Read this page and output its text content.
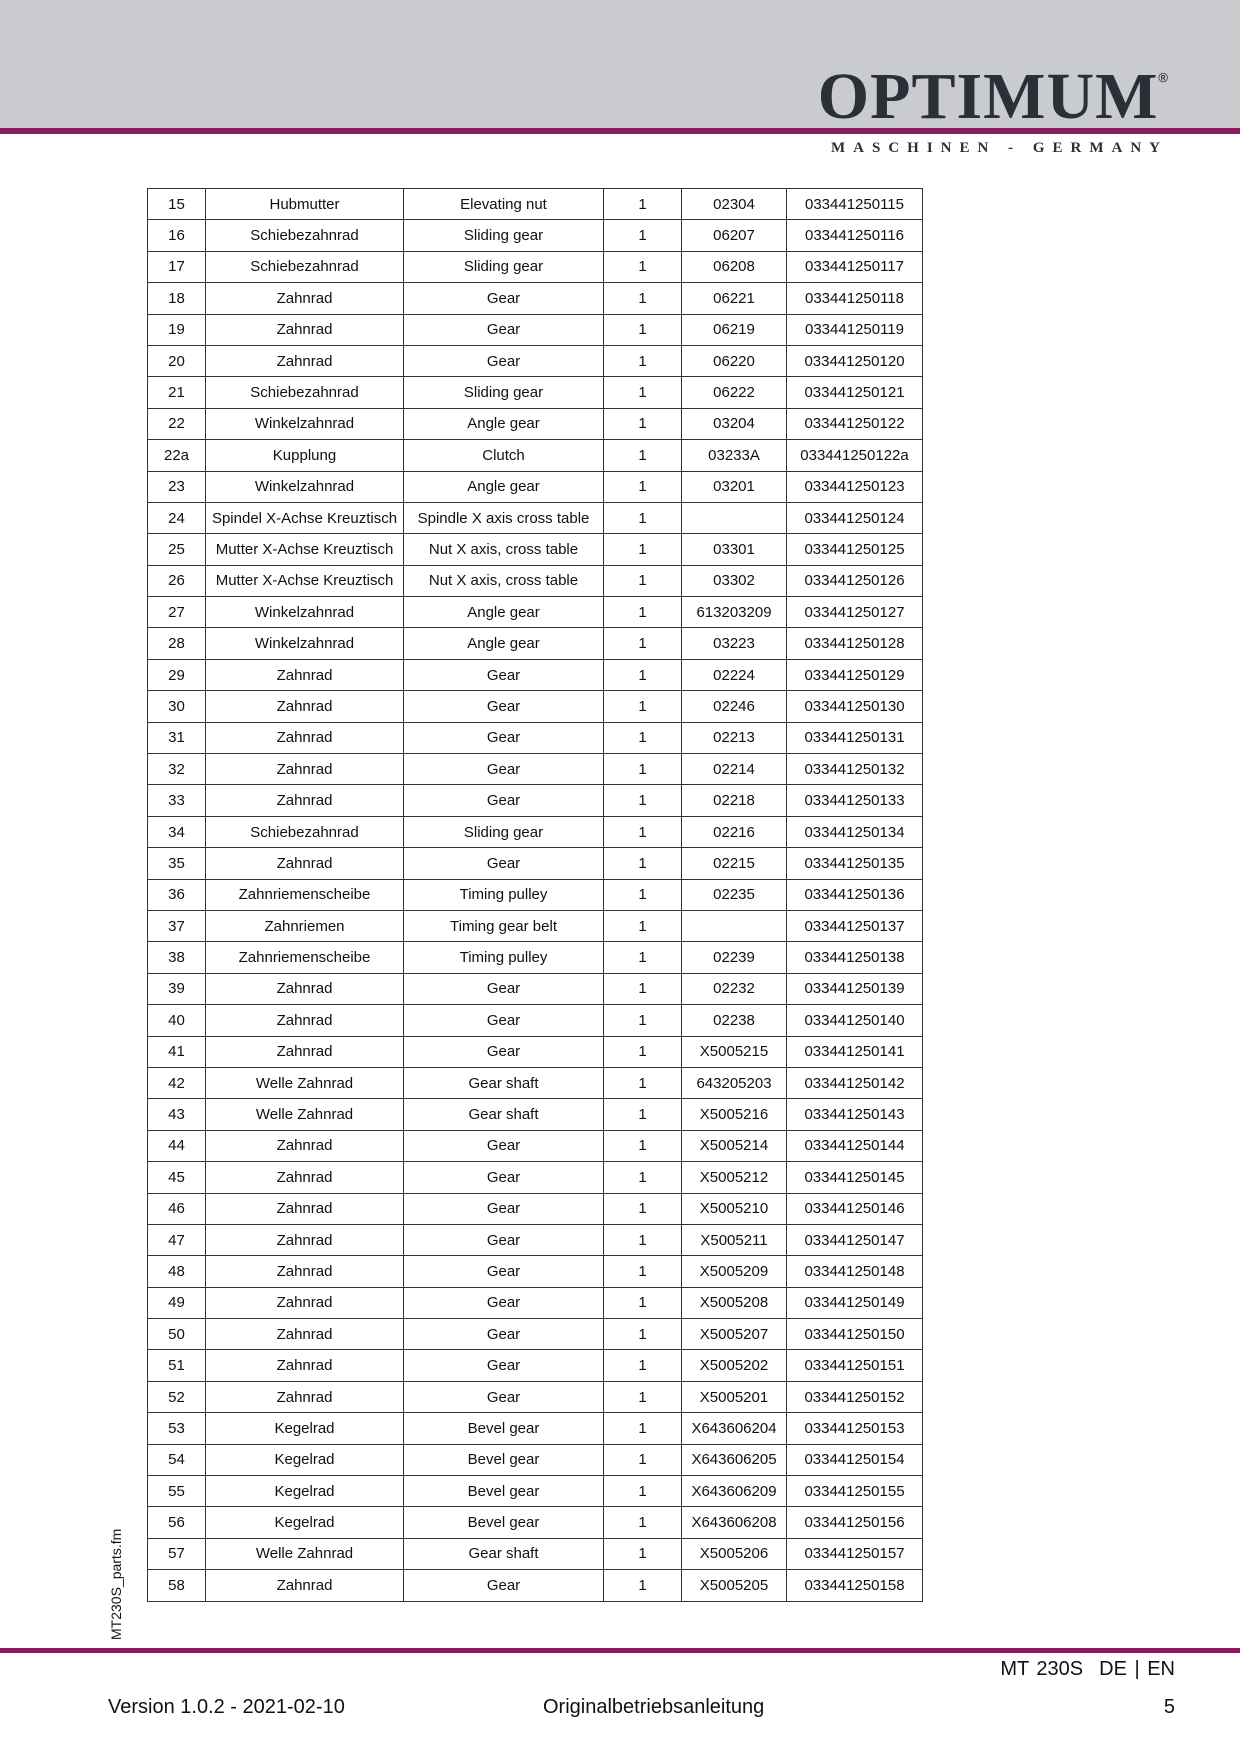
OPTIMUM®
MASCHINEN - GERMANY
15	Hubmutter	Elevating nut	1	02304	033441250115
16	Schiebezahnrad	Sliding gear	1	06207	033441250116
17	Schiebezahnrad	Sliding gear	1	06208	033441250117
18	Zahnrad	Gear	1	06221	033441250118
19	Zahnrad	Gear	1	06219	033441250119
20	Zahnrad	Gear	1	06220	033441250120
21	Schiebezahnrad	Sliding gear	1	06222	033441250121
22	Winkelzahnrad	Angle gear	1	03204	033441250122
22a	Kupplung	Clutch	1	03233A	033441250122a
23	Winkelzahnrad	Angle gear	1	03201	033441250123
24	Spindel X-Achse Kreuztisch	Spindle X axis cross table	1		033441250124
25	Mutter X-Achse Kreuztisch	Nut X axis, cross table	1	03301	033441250125
26	Mutter X-Achse Kreuztisch	Nut X axis, cross table	1	03302	033441250126
27	Winkelzahnrad	Angle gear	1	613203209	033441250127
28	Winkelzahnrad	Angle gear	1	03223	033441250128
29	Zahnrad	Gear	1	02224	033441250129
30	Zahnrad	Gear	1	02246	033441250130
31	Zahnrad	Gear	1	02213	033441250131
32	Zahnrad	Gear	1	02214	033441250132
33	Zahnrad	Gear	1	02218	033441250133
34	Schiebezahnrad	Sliding gear	1	02216	033441250134
35	Zahnrad	Gear	1	02215	033441250135
36	Zahnriemenscheibe	Timing pulley	1	02235	033441250136
37	Zahnriemen	Timing gear belt	1		033441250137
38	Zahnriemenscheibe	Timing pulley	1	02239	033441250138
39	Zahnrad	Gear	1	02232	033441250139
40	Zahnrad	Gear	1	02238	033441250140
41	Zahnrad	Gear	1	X5005215	033441250141
42	Welle Zahnrad	Gear shaft	1	643205203	033441250142
43	Welle Zahnrad	Gear shaft	1	X5005216	033441250143
44	Zahnrad	Gear	1	X5005214	033441250144
45	Zahnrad	Gear	1	X5005212	033441250145
46	Zahnrad	Gear	1	X5005210	033441250146
47	Zahnrad	Gear	1	X5005211	033441250147
48	Zahnrad	Gear	1	X5005209	033441250148
49	Zahnrad	Gear	1	X5005208	033441250149
50	Zahnrad	Gear	1	X5005207	033441250150
51	Zahnrad	Gear	1	X5005202	033441250151
52	Zahnrad	Gear	1	X5005201	033441250152
53	Kegelrad	Bevel gear	1	X643606204	033441250153
54	Kegelrad	Bevel gear	1	X643606205	033441250154
55	Kegelrad	Bevel gear	1	X643606209	033441250155
56	Kegelrad	Bevel gear	1	X643606208	033441250156
57	Welle Zahnrad	Gear shaft	1	X5005206	033441250157
58	Zahnrad	Gear	1	X5005205	033441250158
MT230S_parts.fm
MT 230S DE | EN
Version 1.0.2 - 2021-02-10	Originalbetriebsanleitung	5
